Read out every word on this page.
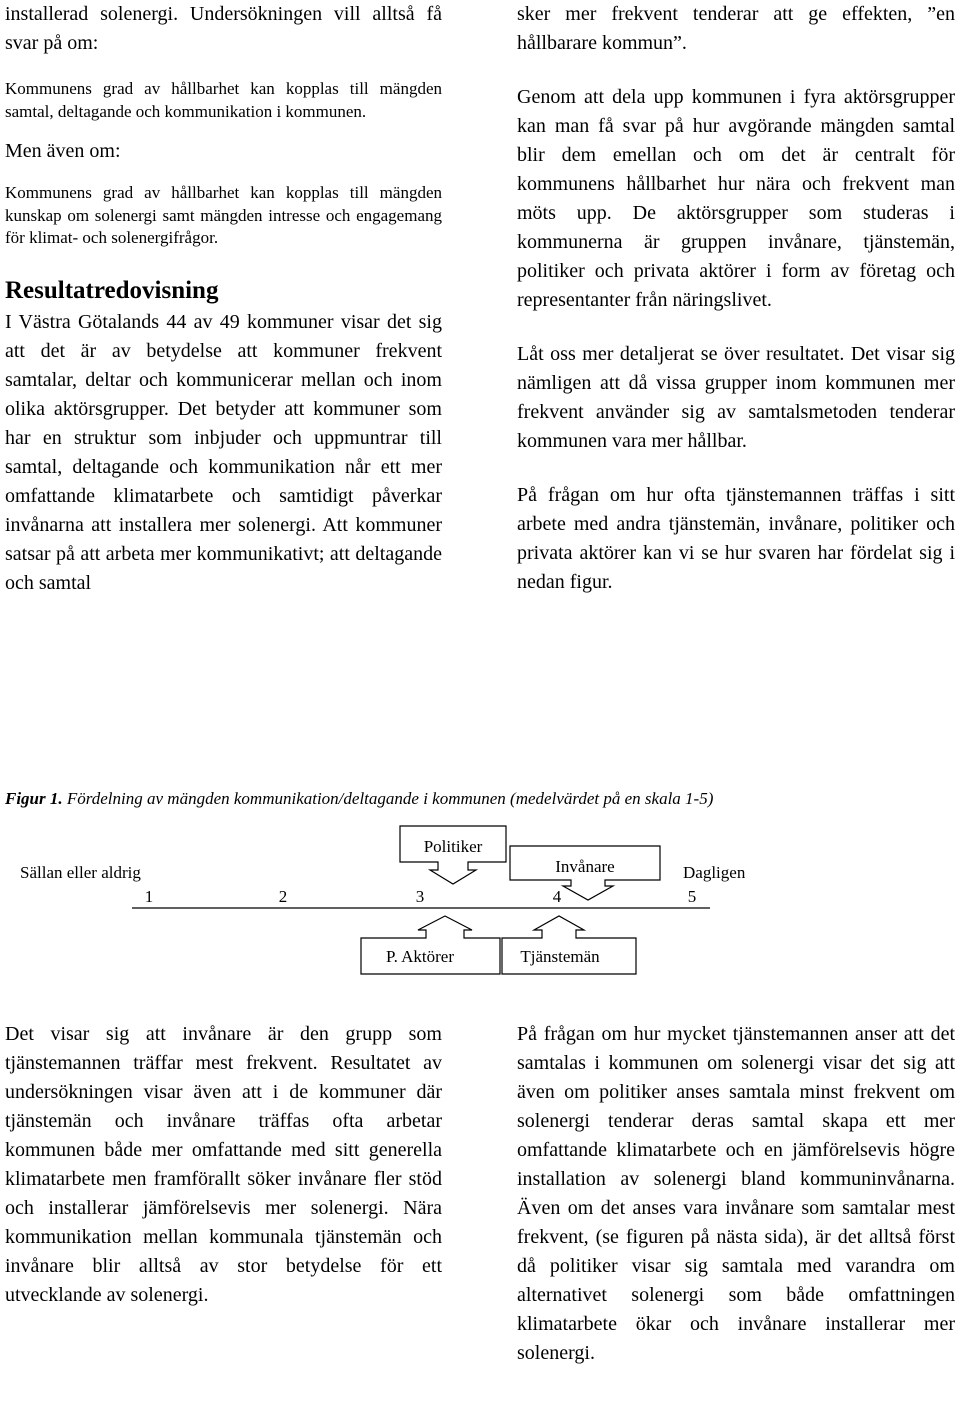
installerad solenergi. Undersökningen vill alltså få svar på om:

Kommunens grad av hållbarhet kan kopplas till mängden samtal, deltagande och kommunikation i kommunen.

Men även om:

Kommunens grad av hållbarhet kan kopplas till mängden kunskap om solenergi samt mängden intresse och engagemang för klimat- och solenergifrågor.

Resultatredovisning

I Västra Götalands 44 av 49 kommuner visar det sig att det är av betydelse att kommuner frekvent samtalar, deltar och kommunicerar mellan och inom olika aktörsgrupper. Det betyder att kommuner som har en struktur som inbjuder och uppmuntrar till samtal, deltagande och kommunikation når ett mer omfattande klimatarbete och samtidigt påverkar invånarna att installera mer solenergi. Att kommuner satsar på att arbeta mer kommunikativt; att deltagande och samtal

sker mer frekvent tenderar att ge effekten, ”en hållbarare kommun”.

Genom att dela upp kommunen i fyra aktörsgrupper kan man få svar på hur avgörande mängden samtal blir dem emellan och om det är centralt för kommunens hållbarhet hur nära och frekvent man möts upp. De aktörsgrupper som studeras i kommunerna är gruppen invånare, tjänstemän, politiker och privata aktörer i form av företag och representanter från näringslivet.

Låt oss mer detaljerat se över resultatet. Det visar sig nämligen att då vissa grupper inom kommunen mer frekvent använder sig av samtalsmetoden tenderar kommunen vara mer hållbar.

På frågan om hur ofta tjänstemannen träffas i sitt arbete med andra tjänstemän, invånare, politiker och privata aktörer kan vi se hur svaren har fördelat sig i nedan figur.

Figur 1. Fördelning av mängden kommunikation/deltagande i kommunen (medelvärdet på en skala 1-5)
Sällan eller aldrig	Dagligen
1	2	3	4	5
Politiker
Invånare
P. Aktörer	Tjänstemän

Det visar sig att invånare är den grupp som tjänstemannen träffar mest frekvent. Resultatet av undersökningen visar även att i de kommuner där tjänstemän och invånare träffas ofta arbetar kommunen både mer omfattande med sitt generella klimatarbete men framförallt söker invånare fler stöd och installerar jämförelsevis mer solenergi. Nära kommunikation mellan kommunala tjänstemän och invånare blir alltså av stor betydelse för ett utvecklande av solenergi.

På frågan om hur mycket tjänstemannen anser att det samtalas i kommunen om solenergi visar det sig att även om politiker anses samtala minst frekvent om solenergi tenderar deras samtal skapa ett mer omfattande klimatarbete och en jämförelsevis högre installation av solenergi bland kommuninvånarna. Även om det anses vara invånare som samtalar mest frekvent, (se figuren på nästa sida), är det alltså först då politiker visar sig samtala med varandra om alternativet solenergi som både omfattningen klimatarbete ökar och invånare installerar mer solenergi.
